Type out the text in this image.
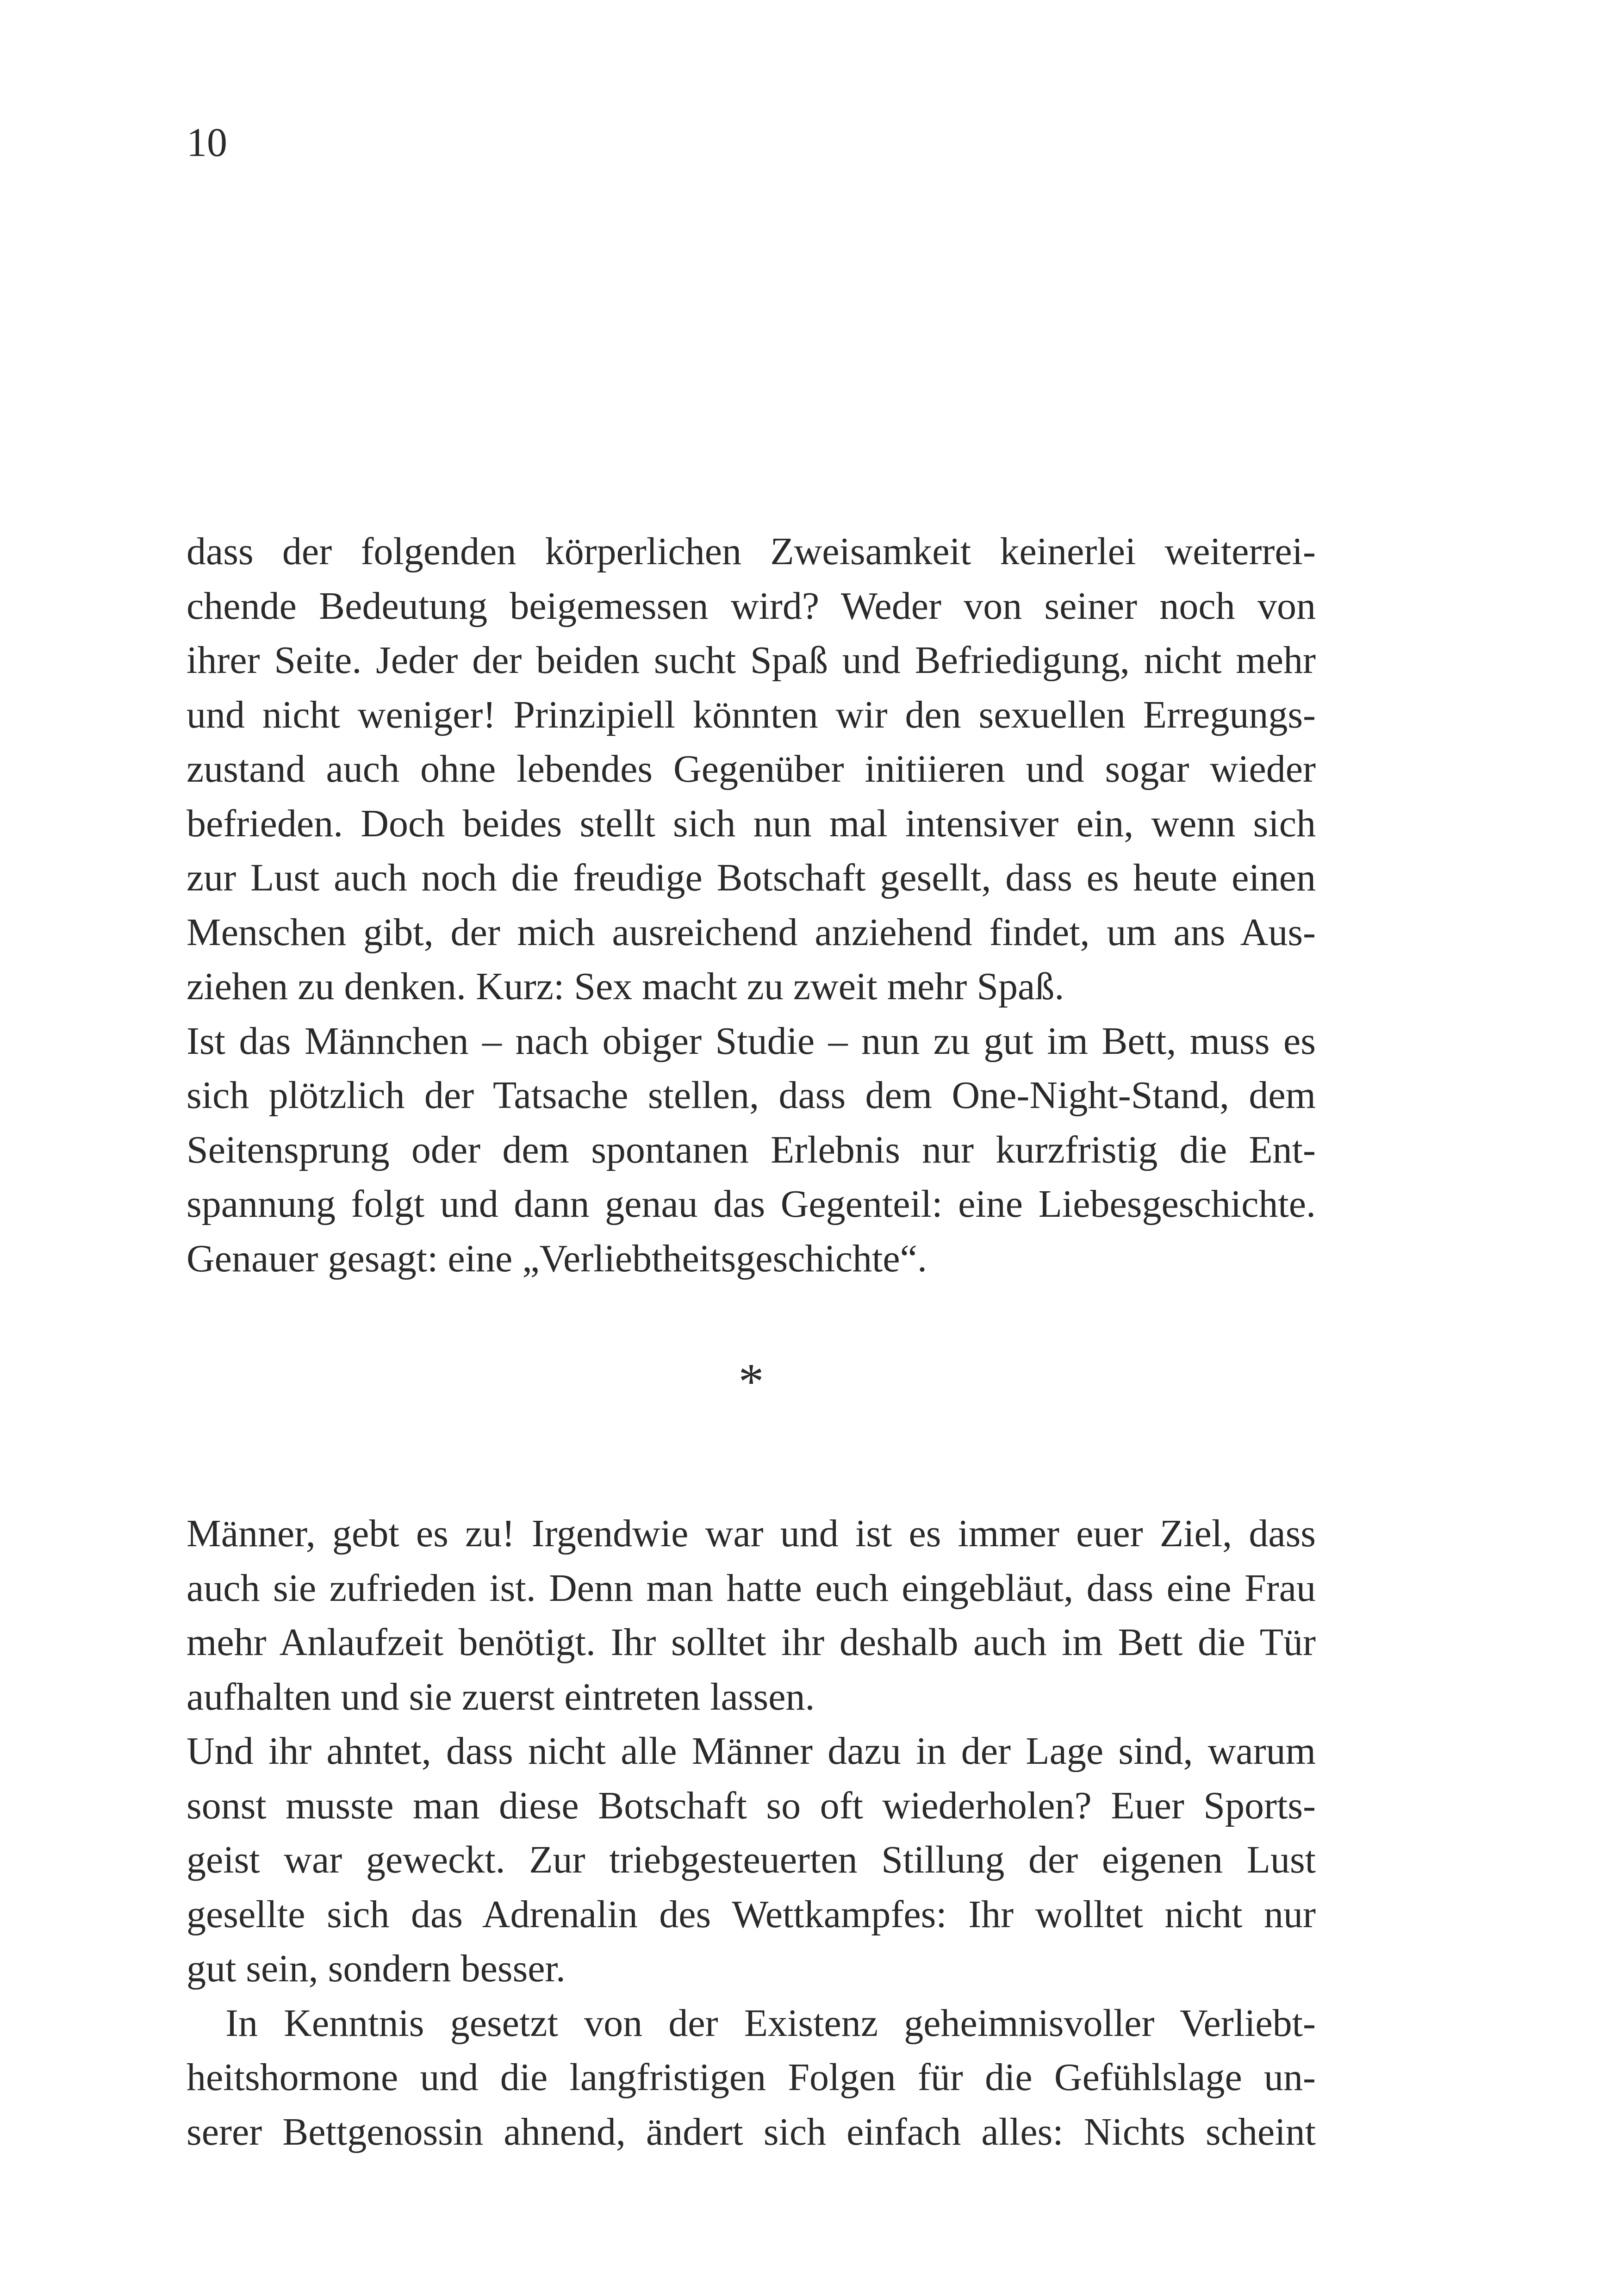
10
dass der folgenden körperlichen Zweisamkeit keinerlei weiterrei-
chende Bedeutung beigemessen wird? Weder von seiner noch von
ihrer Seite. Jeder der beiden sucht Spaß und Befriedigung, nicht mehr
und nicht weniger! Prinzipiell könnten wir den sexuellen Erregungs-
zustand auch ohne lebendes Gegenüber initiieren und sogar wieder
befrieden. Doch beides stellt sich nun mal intensiver ein, wenn sich
zur Lust auch noch die freudige Botschaft gesellt, dass es heute einen
Menschen gibt, der mich ausreichend anziehend findet, um ans Aus-
ziehen zu denken. Kurz: Sex macht zu zweit mehr Spaß.
Ist das Männchen – nach obiger Studie – nun zu gut im Bett, muss es
sich plötzlich der Tatsache stellen, dass dem One-Night-Stand, dem
Seitensprung oder dem spontanen Erlebnis nur kurzfristig die Ent-
spannung folgt und dann genau das Gegenteil: eine Liebesgeschichte.
Genauer gesagt: eine „Verliebtheitsgeschichte“.
*
Männer, gebt es zu! Irgendwie war und ist es immer euer Ziel, dass
auch sie zufrieden ist. Denn man hatte euch eingebläut, dass eine Frau
mehr Anlaufzeit benötigt. Ihr solltet ihr deshalb auch im Bett die Tür
aufhalten und sie zuerst eintreten lassen.
Und ihr ahntet, dass nicht alle Männer dazu in der Lage sind, warum
sonst musste man diese Botschaft so oft wiederholen? Euer Sports-
geist war geweckt. Zur triebgesteuerten Stillung der eigenen Lust
gesellte sich das Adrenalin des Wettkampfes: Ihr wolltet nicht nur
gut sein, sondern besser.
In Kenntnis gesetzt von der Existenz geheimnisvoller Verliebt-
heitshormone und die langfristigen Folgen für die Gefühlslage un-
serer Bettgenossin ahnend, ändert sich einfach alles: Nichts scheint
